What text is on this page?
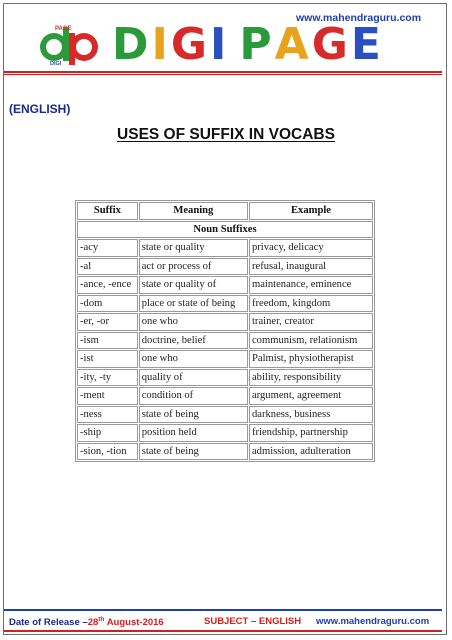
www.mahendraguru.com
PAGE
DIGI DIGI PAGE
(ENGLISH)
USES OF SUFFIX IN VOCABS
Suffix	Meaning	Example
Noun Suffixes		
-acy	state or quality	privacy, delicacy
-al	act or process of	refusal, inaugural
-ance, -ence	state or quality of	maintenance, eminence
-dom	place or state of being	freedom, kingdom
-er, -or	one who	trainer, creator
-ism	doctrine, belief	communism, relationism
-ist	one who	Palmist, physiotherapist
-ity, -ty	quality of	ability, responsibility
-ment	condition of	argument, agreement
-ness	state of being	darkness, business
-ship	position held	friendship, partnership
-sion, -tion	state of being	admission, adulteration
Date of Release –28th August-2016	SUBJECT – ENGLISH www.mahendraguru.com
